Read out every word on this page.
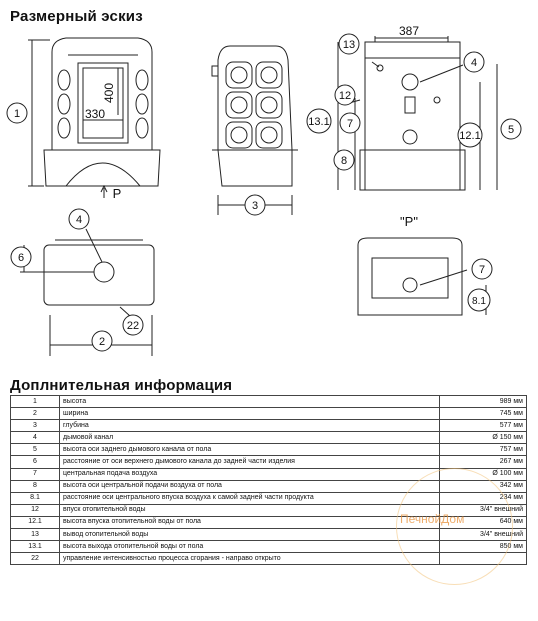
Размерный эскиз
330
400
P
387
"P"
1
3
2
6
4
22
13
4
12
7
13.1
12.1 5
8
7
8.1
Доплнительная информация
1	высота	989 мм
2	ширина	745 мм
3	глубина	577 мм
4	дымовой канал	Ø 150 мм
5	высота оси заднего дымового канала от пола	757 мм
6	расстояние от оси верхнего дымового канала до задней части изделия	267 мм
7	центральная подача воздуха	Ø 100 мм
8	высота оси центральной подачи воздуха от пола	342 мм
8.1	расстояние оси центрального впуска воздуха к самой задней части продукта	234 мм
12	впуск отопительной воды	3/4" внешний
12.1	высота впуска отопительной воды от пола	640 мм
13	вывод отопительной воды	3/4" внешний
13.1	высота выхода отопительной воды от пола	850 мм
22	управление интенсивностью процесса сгорания - направо открыто	
ПечнойДом
